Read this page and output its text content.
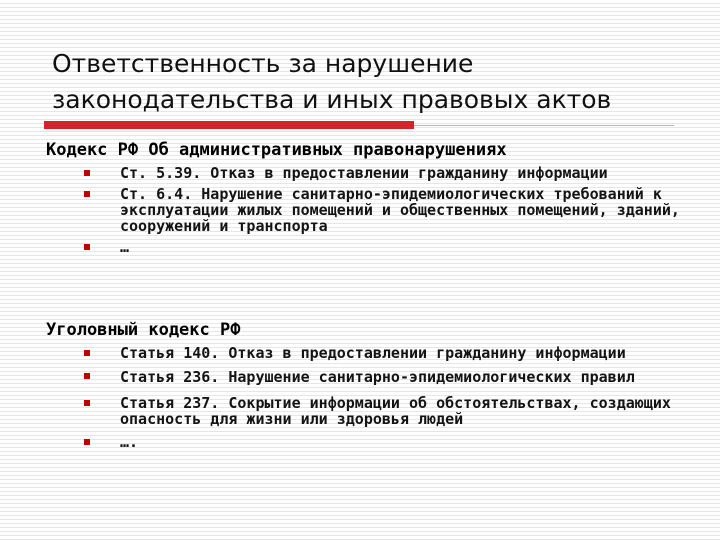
Ответственность за нарушение
законодательства и иных правовых актов
Кодекс РФ Об административных правонарушениях
Ст. 5.39. Отказ в предоставлении гражданину информации
Ст. 6.4. Нарушение санитарно-эпидемиологических требований к эксплуатации жилых помещений и общественных помещений, зданий, сооружений и транспорта
…
Уголовный кодекс РФ
Статья 140. Отказ в предоставлении гражданину информации
Статья 236. Нарушение санитарно-эпидемиологических правил
Статья 237. Сокрытие информации об обстоятельствах, создающих опасность для жизни или здоровья людей
….
